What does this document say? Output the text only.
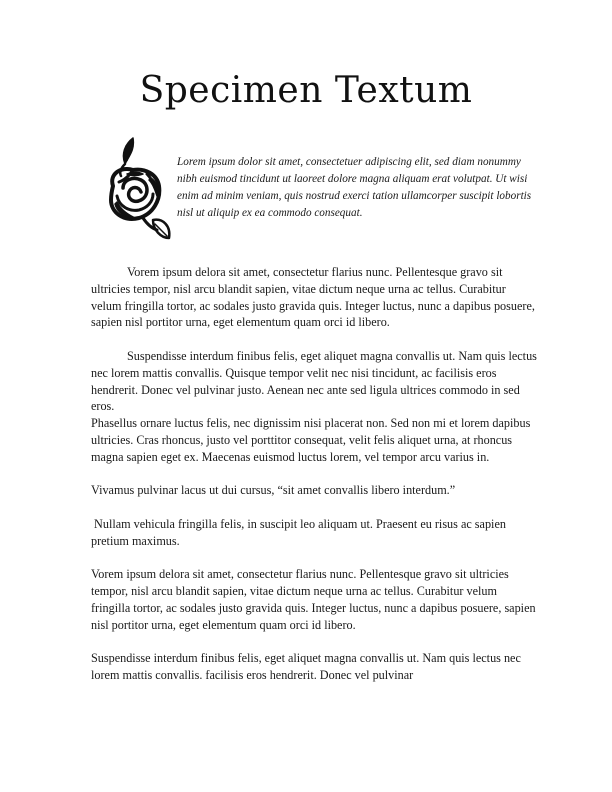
Specimen Textum

Lorem ipsum dolor sit amet, consectetuer adipiscing elit, sed diam nonummy nibh euismod tincidunt ut laoreet dolore magna aliquam erat volutpat. Ut wisi enim ad minim veniam, quis nostrud exerci tation ullamcorper suscipit lobortis nisl ut aliquip ex ea commodo consequat.

Vorem ipsum delora sit amet, consectetur flarius nunc. Pellentesque gravo sit ultricies tempor, nisl arcu blandit sapien, vitae dictum neque urna ac tellus. Curabitur velum fringilla tortor, ac sodales justo gravida quis. Integer luctus, nunc a dapibus posuere, sapien nisl portitor urna, eget elementum quam orci id libero.

Suspendisse interdum finibus felis, eget aliquet magna convallis ut. Nam quis lectus nec lorem mattis convallis. Quisque tempor velit nec nisi tincidunt, ac facilisis eros hendrerit. Donec vel pulvinar justo. Aenean nec ante sed ligula ultrices commodo in sed eros.

Phasellus ornare luctus felis, nec dignissim nisi placerat non. Sed non mi et lorem dapibus ultricies. Cras rhoncus, justo vel porttitor consequat, velit felis aliquet urna, at rhoncus magna sapien eget ex. Maecenas euismod luctus lorem, vel tempor arcu varius in.

Vivamus pulvinar lacus ut dui cursus, “sit amet convallis libero interdum.”

Nullam vehicula fringilla felis, in suscipit leo aliquam ut. Praesent eu risus ac sapien pretium maximus.

Vorem ipsum delora sit amet, consectetur flarius nunc. Pellentesque gravo sit ultricies tempor, nisl arcu blandit sapien, vitae dictum neque urna ac tellus. Curabitur velum fringilla tortor, ac sodales justo gravida quis. Integer luctus, nunc a dapibus posuere, sapien nisl portitor urna, eget elementum quam orci id libero.

Suspendisse interdum finibus felis, eget aliquet magna convallis ut. Nam quis lectus nec lorem mattis convallis. facilisis eros hendrerit. Donec vel pulvinar
